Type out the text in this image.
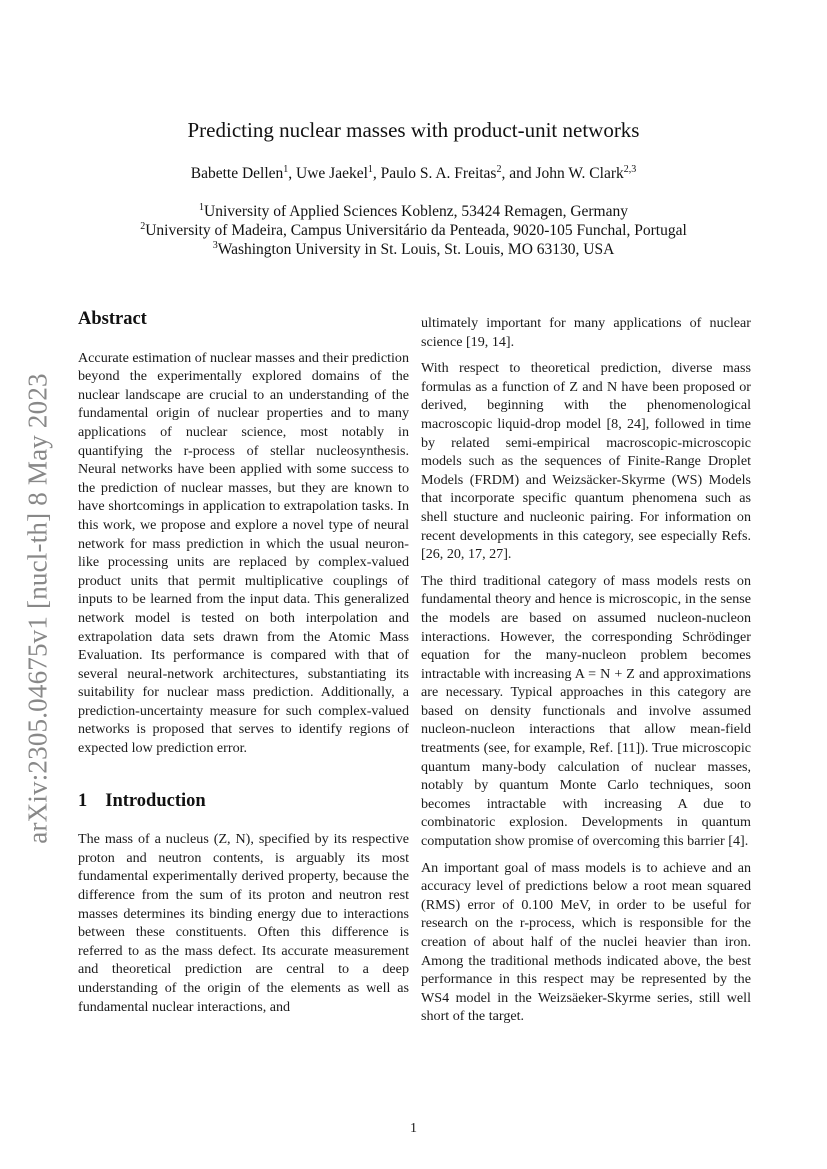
arXiv:2305.04675v1 [nucl-th] 8 May 2023
Predicting nuclear masses with product-unit networks
Babette Dellen$^1$, Uwe Jaekel$^1$, Paulo S. A. Freitas$^2$, and John W. Clark$^{2,3}$
$^1$University of Applied Sciences Koblenz, 53424 Remagen, Germany
$^2$University of Madeira, Campus Universitário da Penteada, 9020-105 Funchal, Portugal
$^3$Washington University in St. Louis, St. Louis, MO 63130, USA
Abstract

Accurate estimation of nuclear masses and their prediction beyond the experimentally explored domains of the nuclear landscape are crucial to an understanding of the fundamental origin of nuclear properties and to many applications of nuclear science, most notably in quantifying the r-process of stellar nucleosynthesis. Neural networks have been applied with some success to the prediction of nuclear masses, but they are known to have shortcomings in application to extrapolation tasks. In this work, we propose and explore a novel type of neural network for mass prediction in which the usual neuron-like processing units are replaced by complex-valued product units that permit multiplicative couplings of inputs to be learned from the input data. This generalized network model is tested on both interpolation and extrapolation data sets drawn from the Atomic Mass Evaluation. Its performance is compared with that of several neural-network architectures, substantiating its suitability for nuclear mass prediction. Additionally, a prediction-uncertainty measure for such complex-valued networks is proposed that serves to identify regions of expected low prediction error.

1 Introduction

The mass of a nucleus (Z, N), specified by its respective proton and neutron contents, is arguably its most fundamental experimentally derived property, because the difference from the sum of its proton and neutron rest masses determines its binding energy due to interactions between these constituents. Often this difference is referred to as the mass defect. Its accurate measurement and theoretical prediction are central to a deep understanding of the origin of the elements as well as fundamental nuclear interactions, and

ultimately important for many applications of nuclear science [19, 14].

With respect to theoretical prediction, diverse mass formulas as a function of Z and N have been proposed or derived, beginning with the phenomenological macroscopic liquid-drop model [8, 24], followed in time by related semi-empirical macroscopic-microscopic models such as the sequences of Finite-Range Droplet Models (FRDM) and Weizsäcker-Skyrme (WS) Models that incorporate specific quantum phenomena such as shell stucture and nucleonic pairing. For information on recent developments in this category, see especially Refs. [26, 20, 17, 27].

The third traditional category of mass models rests on fundamental theory and hence is microscopic, in the sense the models are based on assumed nucleon-nucleon interactions. However, the corresponding Schrödinger equation for the many-nucleon problem becomes intractable with increasing A = N + Z and approximations are necessary. Typical approaches in this category are based on density functionals and involve assumed nucleon-nucleon interactions that allow mean-field treatments (see, for example, Ref. [11]). True microscopic quantum many-body calculation of nuclear masses, notably by quantum Monte Carlo techniques, soon becomes intractable with increasing A due to combinatoric explosion. Developments in quantum computation show promise of overcoming this barrier [4].

An important goal of mass models is to achieve and an accuracy level of predictions below a root mean squared (RMS) error of 0.100 MeV, in order to be useful for research on the r-process, which is responsible for the creation of about half of the nuclei heavier than iron. Among the traditional methods indicated above, the best performance in this respect may be represented by the WS4 model in the Weizsäeker-Skyrme series, still well short of the target.

1
